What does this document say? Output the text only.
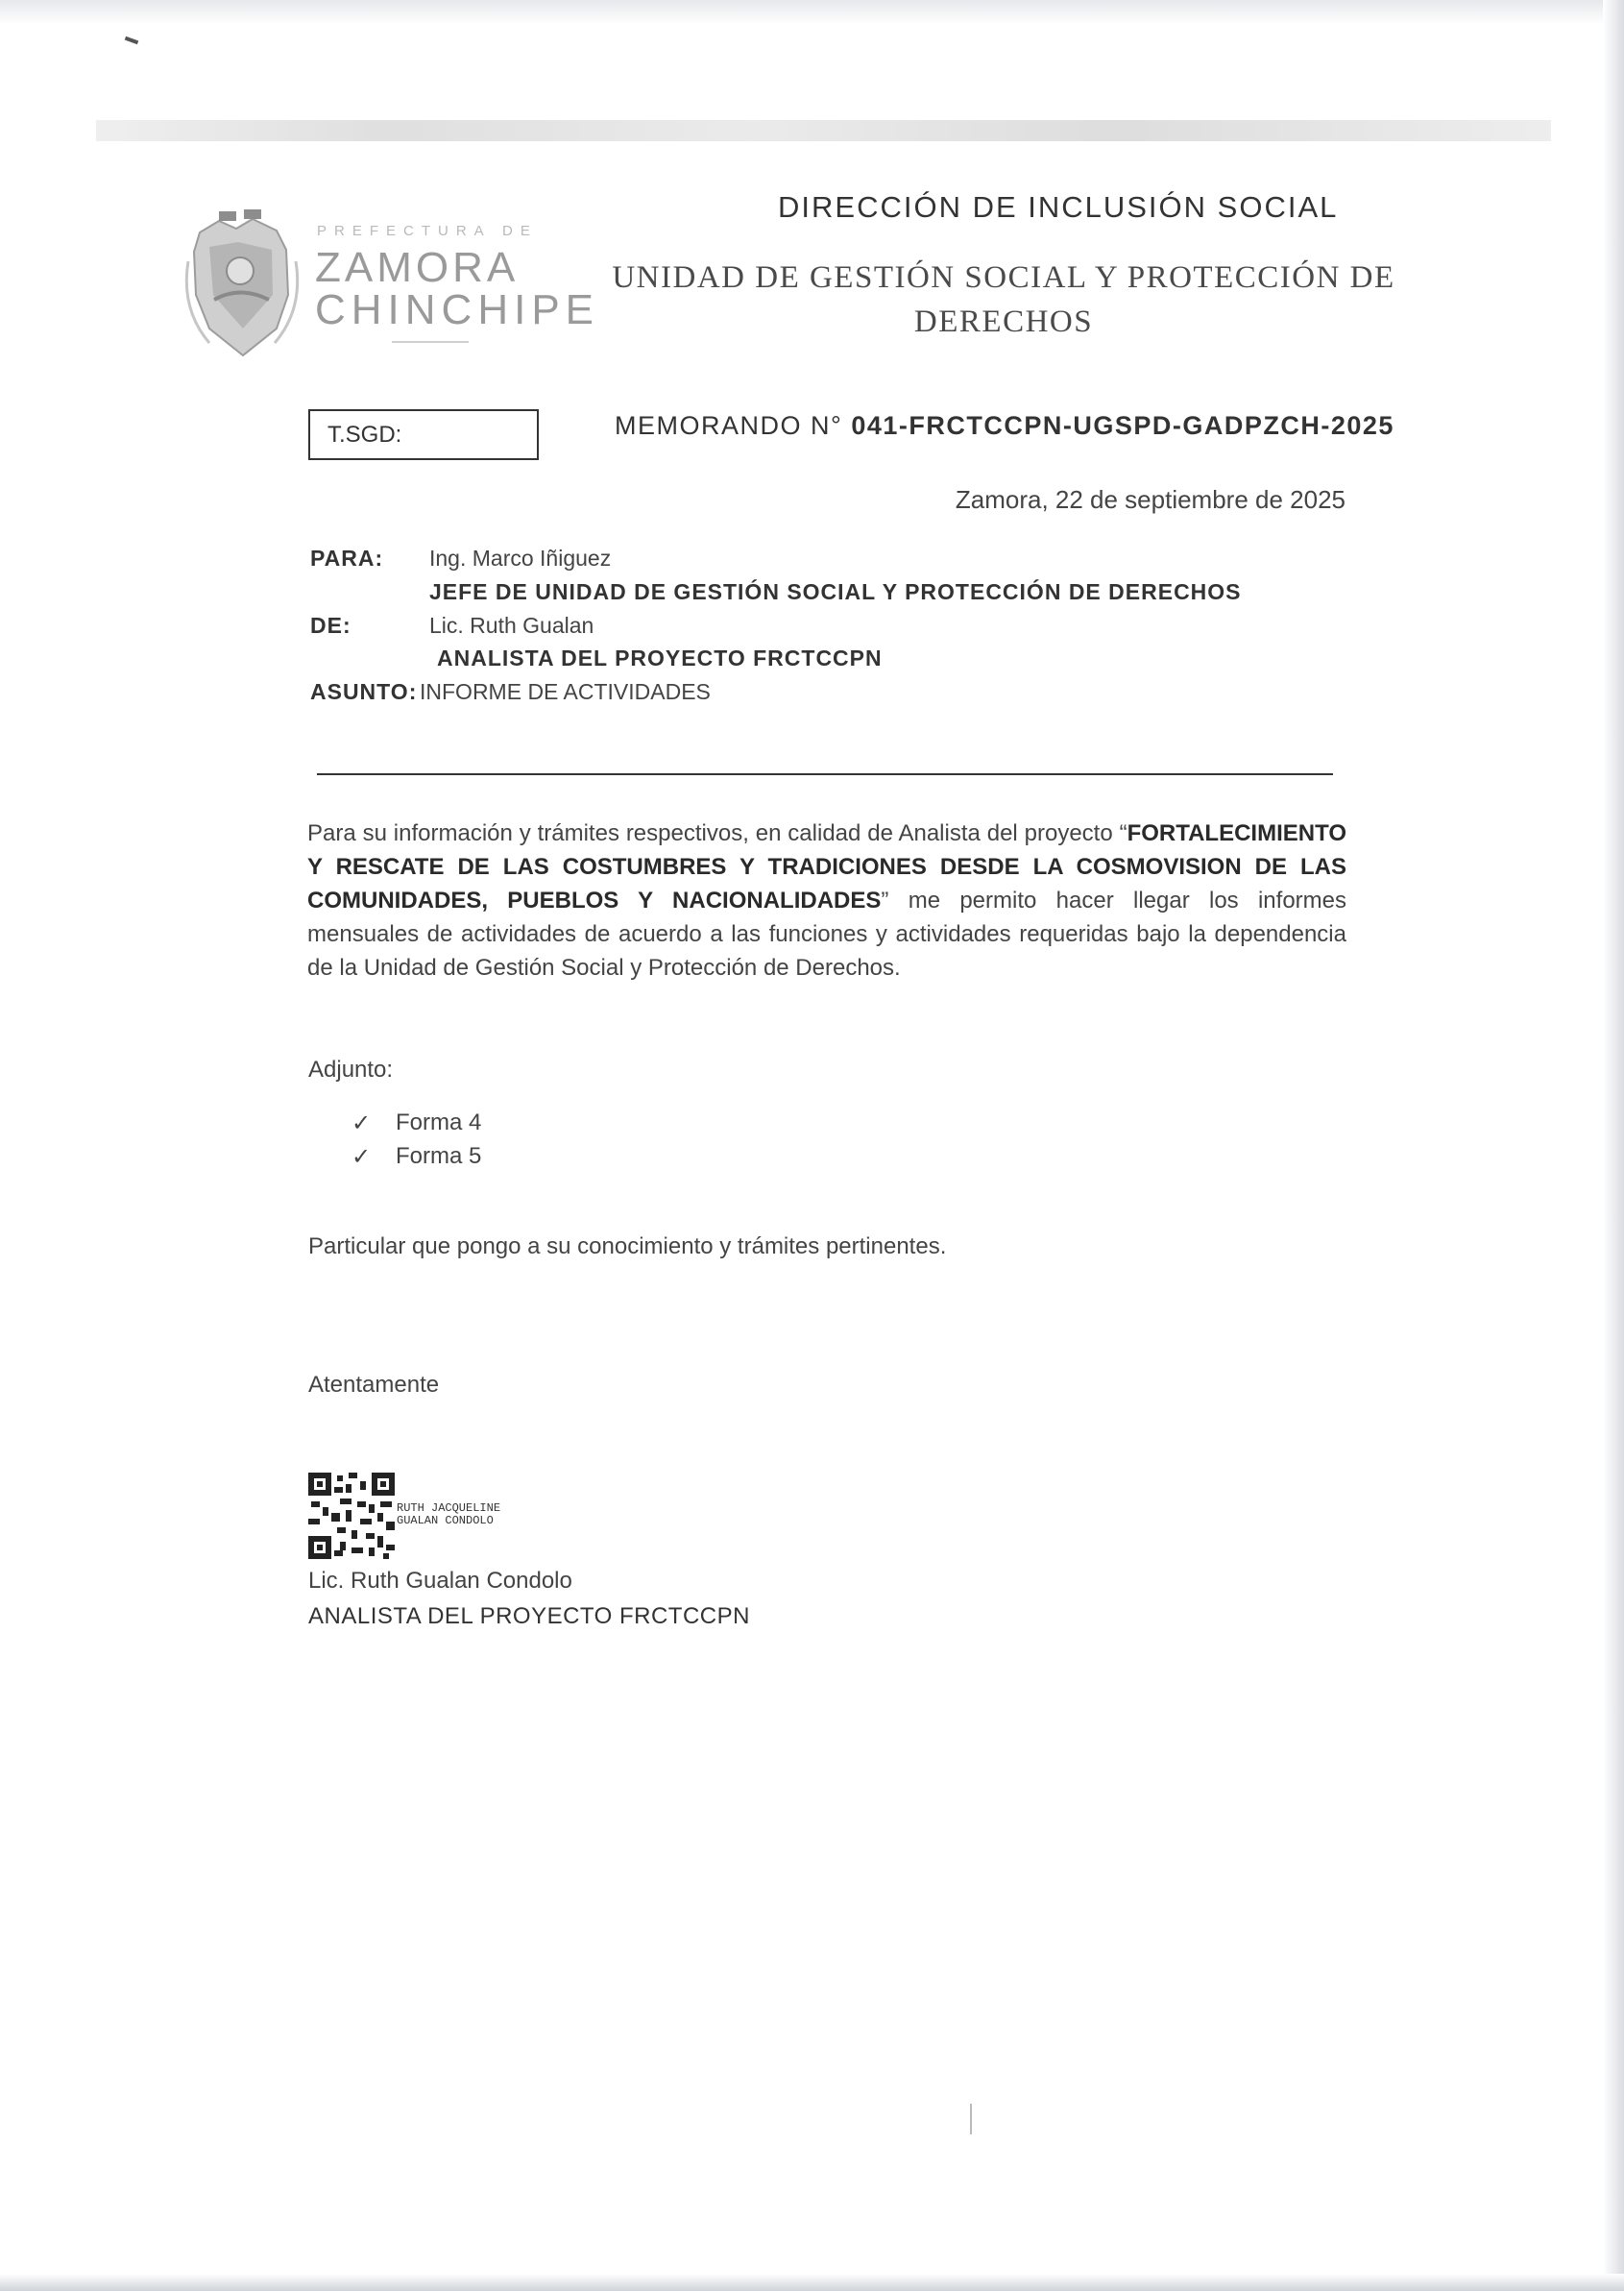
PREFECTURA DE
ZAMORA
CHINCHIPE
DIRECCIÓN DE INCLUSIÓN SOCIAL
UNIDAD DE GESTIÓN SOCIAL Y PROTECCIÓN DE DERECHOS
T.SGD:	MEMORANDO N° 041-FRCTCCPN-UGSPD-GADPZCH-2025
Zamora, 22 de septiembre de 2025
PARA: Ing. Marco Iñiguez
JEFE DE UNIDAD DE GESTIÓN SOCIAL Y PROTECCIÓN DE DERECHOS
DE:	Lic. Ruth Gualan
ANALISTA DEL PROYECTO FRCTCCPN
ASUNTO: INFORME DE ACTIVIDADES
Para su información y trámites respectivos, en calidad de Analista del proyecto “FORTALECIMIENTO Y RESCATE DE LAS COSTUMBRES Y TRADICIONES DESDE LA COSMOVISION DE LAS COMUNIDADES, PUEBLOS Y NACIONALIDADES” me permito hacer llegar los informes mensuales de actividades de acuerdo a las funciones y actividades requeridas bajo la dependencia de la Unidad de Gestión Social y Protección de Derechos.
Adjunto:
✓ Forma 4
✓ Forma 5
Particular que pongo a su conocimiento y trámites pertinentes.
Atentamente
RUTH JACQUELINE
GUALAN CONDOLO
Lic. Ruth Gualan Condolo
ANALISTA DEL PROYECTO FRCTCCPN
